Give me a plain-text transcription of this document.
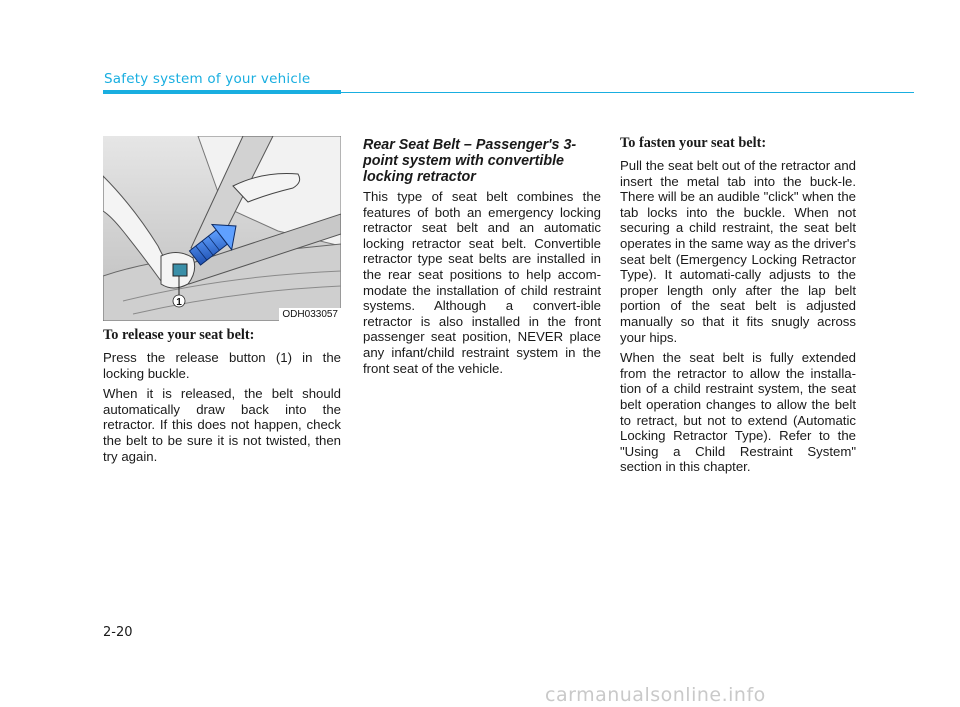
Safety system of your vehicle
1
ODH033057
To release your seat belt:

Press the release button (1) in the locking buckle.

When it is released, the belt should automatically draw back into the retractor. If this does not happen, check the belt to be sure it is not twisted, then try again.

Rear Seat Belt – Passenger's 3-point system with convertible locking retractor

This type of seat belt combines the features of both an emergency locking retractor seat belt and an automatic locking retractor seat belt. Convertible retractor type seat belts are installed in the rear seat positions to help accom-modate the installation of child restraint systems. Although a convert-ible retractor is also installed in the front passenger seat position, NEVER place any infant/child restraint system in the front seat of the vehicle.

To fasten your seat belt:

Pull the seat belt out of the retractor and insert the metal tab into the buck-le. There will be an audible "click" when the tab locks into the buckle. When not securing a child restraint, the seat belt operates in the same way as the driver's seat belt (Emergency Locking Retractor Type). It automati-cally adjusts to the proper length only after the lap belt portion of the seat belt is adjusted manually so that it fits snugly across your hips.

When the seat belt is fully extended from the retractor to allow the installa-tion of a child restraint system, the seat belt operation changes to allow the belt to retract, but not to extend (Automatic Locking Retractor Type). Refer to the "Using a Child Restraint System" section in this chapter.

2-20
carmanualsonline.info
